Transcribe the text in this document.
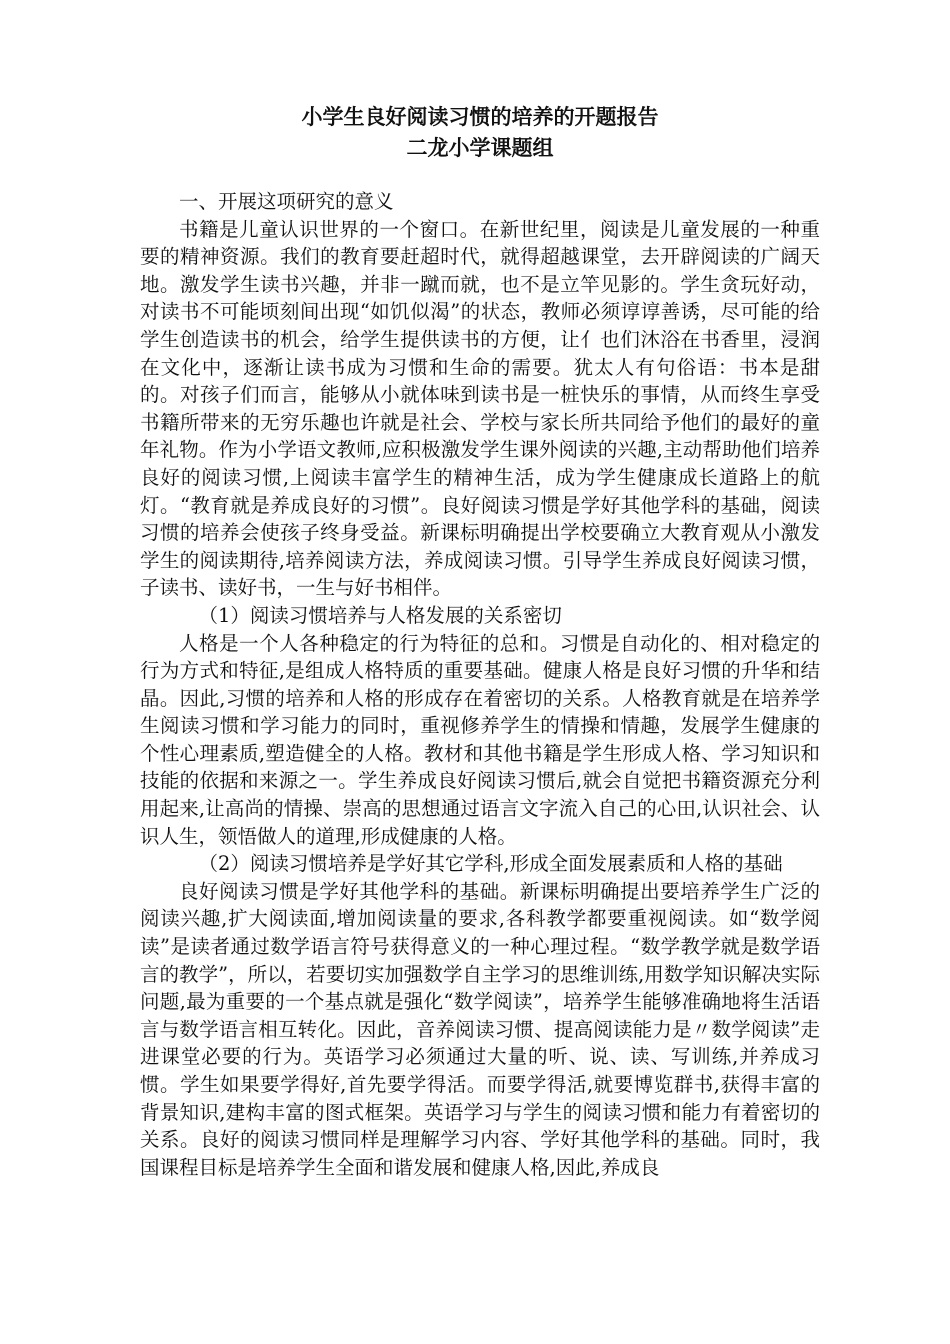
小学生良好阅读习惯的培养的开题报告
二龙小学课题组

一、开展这项研究的意义

书籍是儿童认识世界的一个窗口。在新世纪里，阅读是儿童发展的一种重要的精神资源。我们的教育要赶超时代，就得超越课堂，去开辟阅读的广阔天地。激发学生读书兴趣，并非一蹴而就，也不是立竿见影的。学生贪玩好动，对读书不可能顷刻间出现“如饥似渴”的状态，教师必须谆谆善诱，尽可能的给学生创造读书的机会，给学生提供读书的方便，让亻也们沐浴在书香里，浸润在文化中，逐渐让读书成为习惯和生命的需要。犹太人有句俗语：书本是甜的。对孩子们而言，能够从小就体味到读书是一桩快乐的事情，从而终生享受书籍所带来的无穷乐趣也许就是社会、学校与家长所共同给予他们的最好的童年礼物。作为小学语文教师,应积极激发学生课外阅读的兴趣,主动帮助他们培养良好的阅读习惯,上阅读丰富学生的精神生活，成为学生健康成长道路上的航灯。“教育就是养成良好的习惯”。良好阅读习惯是学好其他学科的基础，阅读习惯的培养会使孩子终身受益。新课标明确提出学校要确立大教育观从小激发学生的阅读期待,培养阅读方法，养成阅读习惯。引导学生养成良好阅读习惯，子读书、读好书，一生与好书相伴。

（1）阅读习惯培养与人格发展的关系密切

人格是一个人各种稳定的行为特征的总和。习惯是自动化的、相对稳定的行为方式和特征,是组成人格特质的重要基础。健康人格是良好习惯的升华和结晶。因此,习惯的培养和人格的形成存在着密切的关系。人格教育就是在培养学生阅读习惯和学习能力的同时，重视修养学生的情操和情趣，发展学生健康的个性心理素质,塑造健全的人格。教材和其他书籍是学生形成人格、学习知识和技能的依据和来源之一。学生养成良好阅读习惯后,就会自觉把书籍资源充分利用起来,让高尚的情操、崇高的思想通过语言文字流入自己的心田,认识社会、认识人生，领悟做人的道理,形成健康的人格。

（2）阅读习惯培养是学好其它学科,形成全面发展素质和人格的基础

良好阅读习惯是学好其他学科的基础。新课标明确提出要培养学生广泛的阅读兴趣,扩大阅读面,增加阅读量的要求,各科教学都要重视阅读。如“数学阅读”是读者通过数学语言符号获得意义的一种心理过程。“数学教学就是数学语言的教学”，所以，若要切实加强数学自主学习的思维训练,用数学知识解决实际问题,最为重要的一个基点就是强化“数学阅读”，培养学生能够准确地将生活语言与数学语言相互转化。因此，音养阅读习惯、提高阅读能力是〃数学阅读”走进课堂必要的行为。英语学习必须通过大量的听、说、读、写训练,并养成习惯。学生如果要学得好,首先要学得活。而要学得活,就要博览群书,获得丰富的背景知识,建构丰富的图式框架。英语学习与学生的阅读习惯和能力有着密切的关系。良好的阅读习惯同样是理解学习内容、学好其他学科的基础。同时，我国课程目标是培养学生全面和谐发展和健康人格,因此,养成良
